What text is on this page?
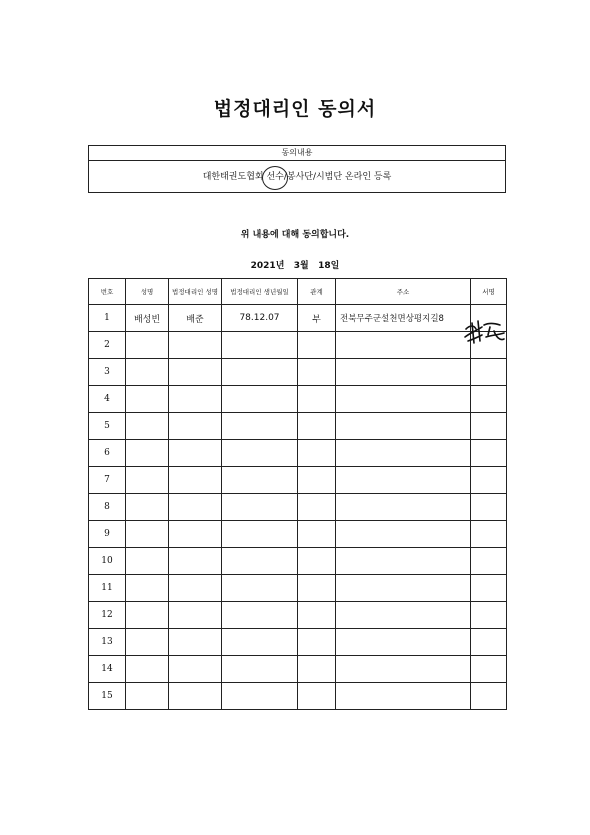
법정대리인 동의서
동의내용
대한태권도협회 선수/봉사단/시범단 온라인 등록
위 내용에 대해 동의합니다.
2021년   3월   18일
번호	성명	법정대리인 성명	법정대리인 생년월일	관계	주소	서명
1	배성빈	배준	78.12.07	부	전북무주군설천면상평지길8	
2						
3						
4						
5						
6						
7						
8						
9						
10						
11						
12						
13						
14						
15						
